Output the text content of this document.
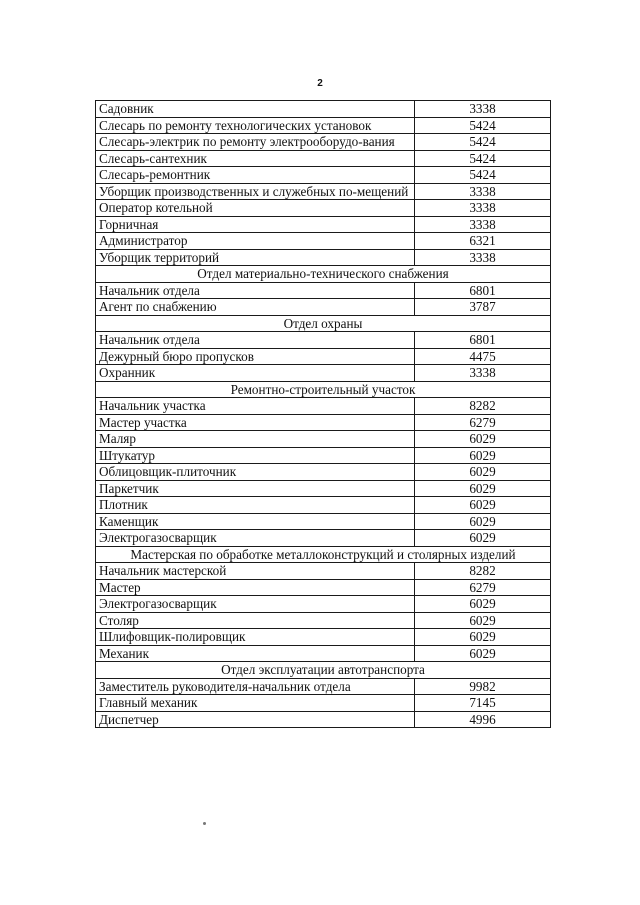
2
Садовник	3338
Слесарь по ремонту технологических установок	5424
Слесарь-электрик по ремонту электрооборудо-вания	5424
Слесарь-сантехник	5424
Слесарь-ремонтник	5424
Уборщик производственных и служебных по-мещений	3338
Оператор котельной	3338
Горничная	3338
Администратор	6321
Уборщик территорий	3338
Отдел материально-технического снабжения	
Начальник отдела	6801
Агент по снабжению	3787
Отдел охраны	
Начальник отдела	6801
Дежурный бюро пропусков	4475
Охранник	3338
Ремонтно-строительный участок	
Начальник участка	8282
Мастер участка	6279
Маляр	6029
Штукатур	6029
Облицовщик-плиточник	6029
Паркетчик	6029
Плотник	6029
Каменщик	6029
Электрогазосварщик	6029
Мастерская по обработке металлоконструкций и столярных изделий	
Начальник мастерской	8282
Мастер	6279
Электрогазосварщик	6029
Столяр	6029
Шлифовщик-полировщик	6029
Механик	6029
Отдел эксплуатации автотранспорта	
Заместитель руководителя-начальник отдела	9982
Главный механик	7145
Диспетчер	4996
